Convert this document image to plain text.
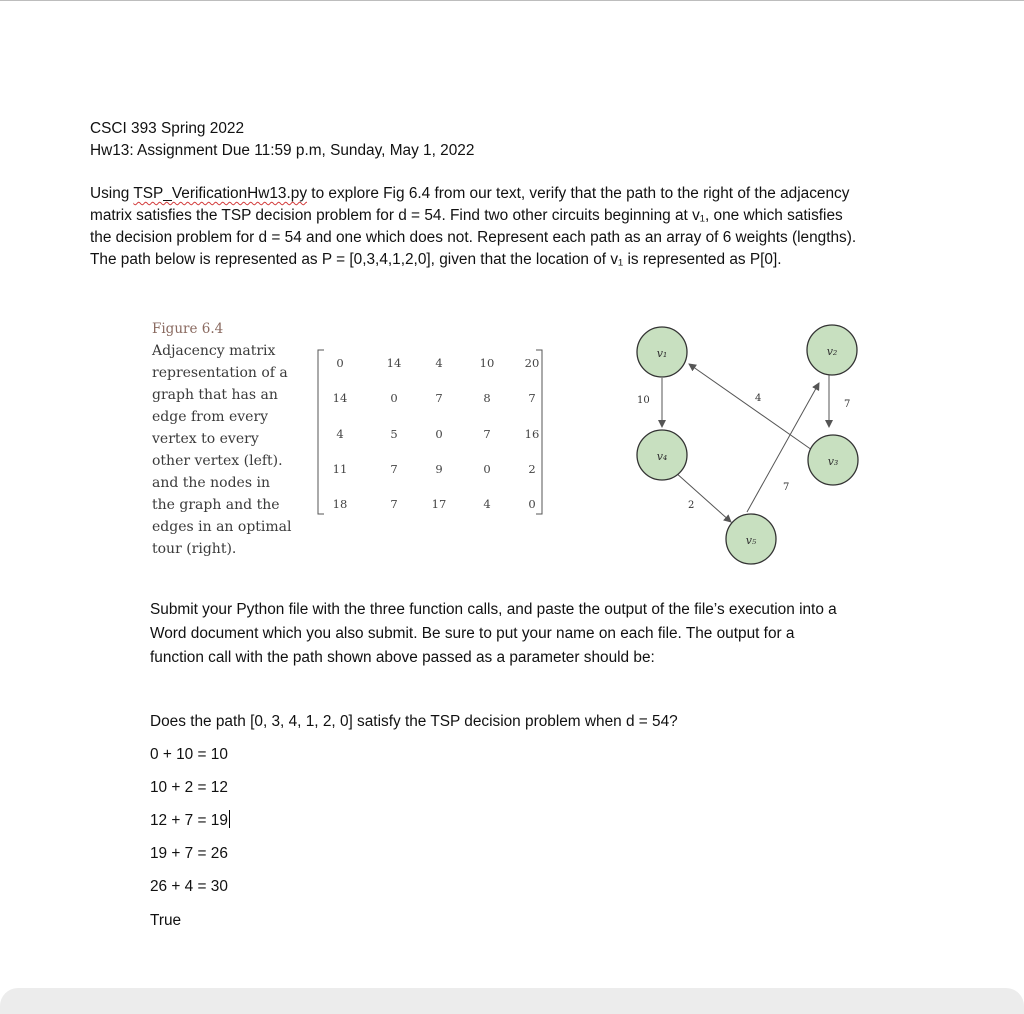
CSCI 393 Spring 2022
Hw13: Assignment Due 11:59 p.m, Sunday, May 1, 2022

Using TSP_VerificationHw13.py to explore Fig 6.4 from our text, verify that the path to the right of the adjacency

matrix satisfies the TSP decision problem for d = 54. Find two other circuits beginning at v₁, one which satisfies

the decision problem for d = 54 and one which does not. Represent each path as an array of 6 weights (lengths).

The path below is represented as P = [0,3,4,1,2,0], given that the location of v₁ is represented as P[0].

Figure 6.4
Adjacency matrix
representation of a
graph that has an
edge from every
vertex to every
other vertex (left).
and the nodes in
the graph and the
edges in an optimal
tour (right).
0	14	4	10	20
14	0	7	8	7
4	5	0	7	16
11	7	9	0	2
18	7	17	4	0
10	4
7
2
7
v₁	v₂
v₃
v₄
v₅

Submit your Python file with the three function calls, and paste the output of the file’s execution into a

Word document which you also submit. Be sure to put your name on each file. The output for a

function call with the path shown above passed as a parameter should be:

Does the path [0, 3, 4, 1, 2, 0] satisfy the TSP decision problem when d = 54?
0 + 10 = 10
10 + 2 = 12
12 + 7 = 19
19 + 7 = 26
26 + 4 = 30
True
